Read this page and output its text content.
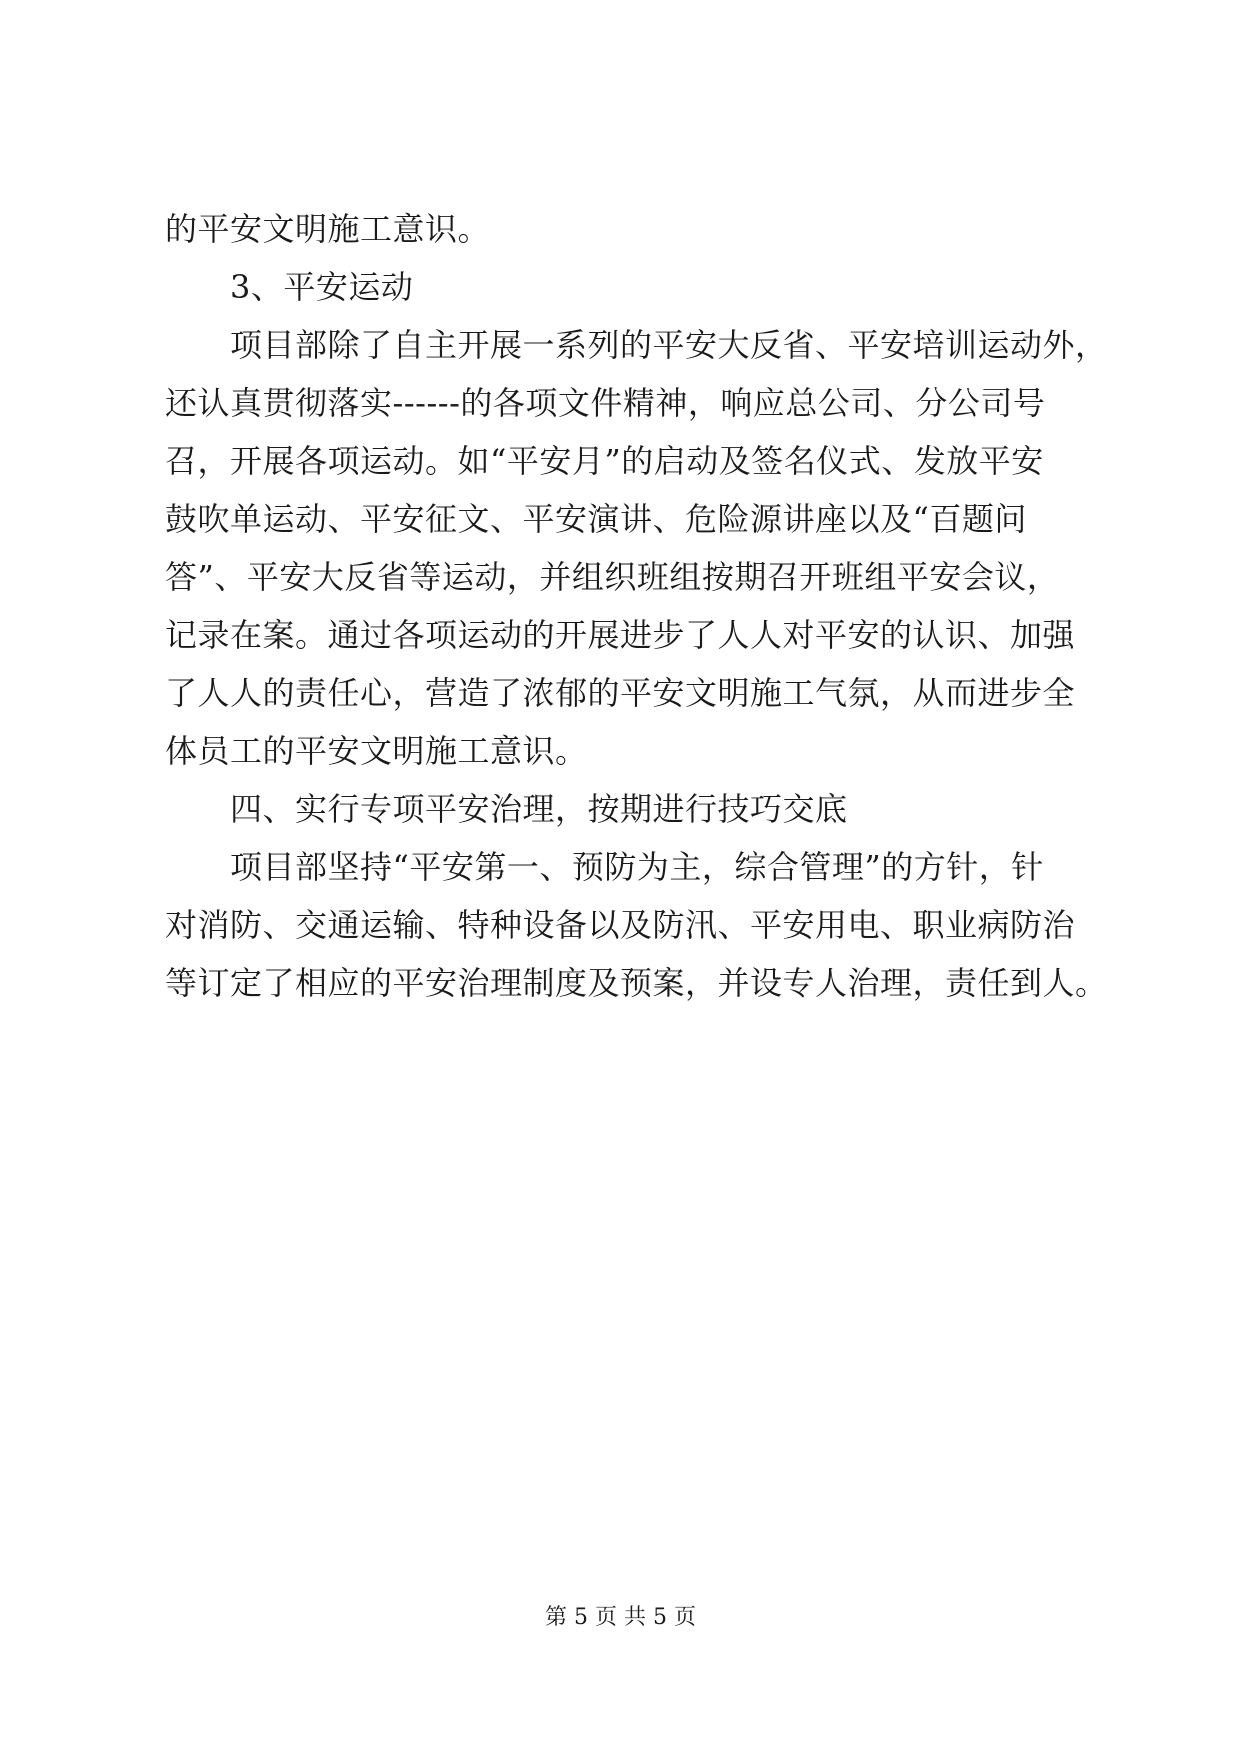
的平安文明施工意识。
3、平安运动
项目部除了自主开展一系列的平安大反省、平安培训运动外，
还认真贯彻落实------的各项文件精神，响应总公司、分公司号
召，开展各项运动。如“平安月”的启动及签名仪式、发放平安
鼓吹单运动、平安征文、平安演讲、危险源讲座以及“百题问
答”、平安大反省等运动，并组织班组按期召开班组平安会议，
记录在案。通过各项运动的开展进步了人人对平安的认识、加强
了人人的责任心，营造了浓郁的平安文明施工气氛，从而进步全
体员工的平安文明施工意识。
四、实行专项平安治理，按期进行技巧交底
项目部坚持“平安第一、预防为主，综合管理”的方针，针
对消防、交通运输、特种设备以及防汛、平安用电、职业病防治
等订定了相应的平安治理制度及预案，并设专人治理，责任到人。
第 5 页 共 5 页
